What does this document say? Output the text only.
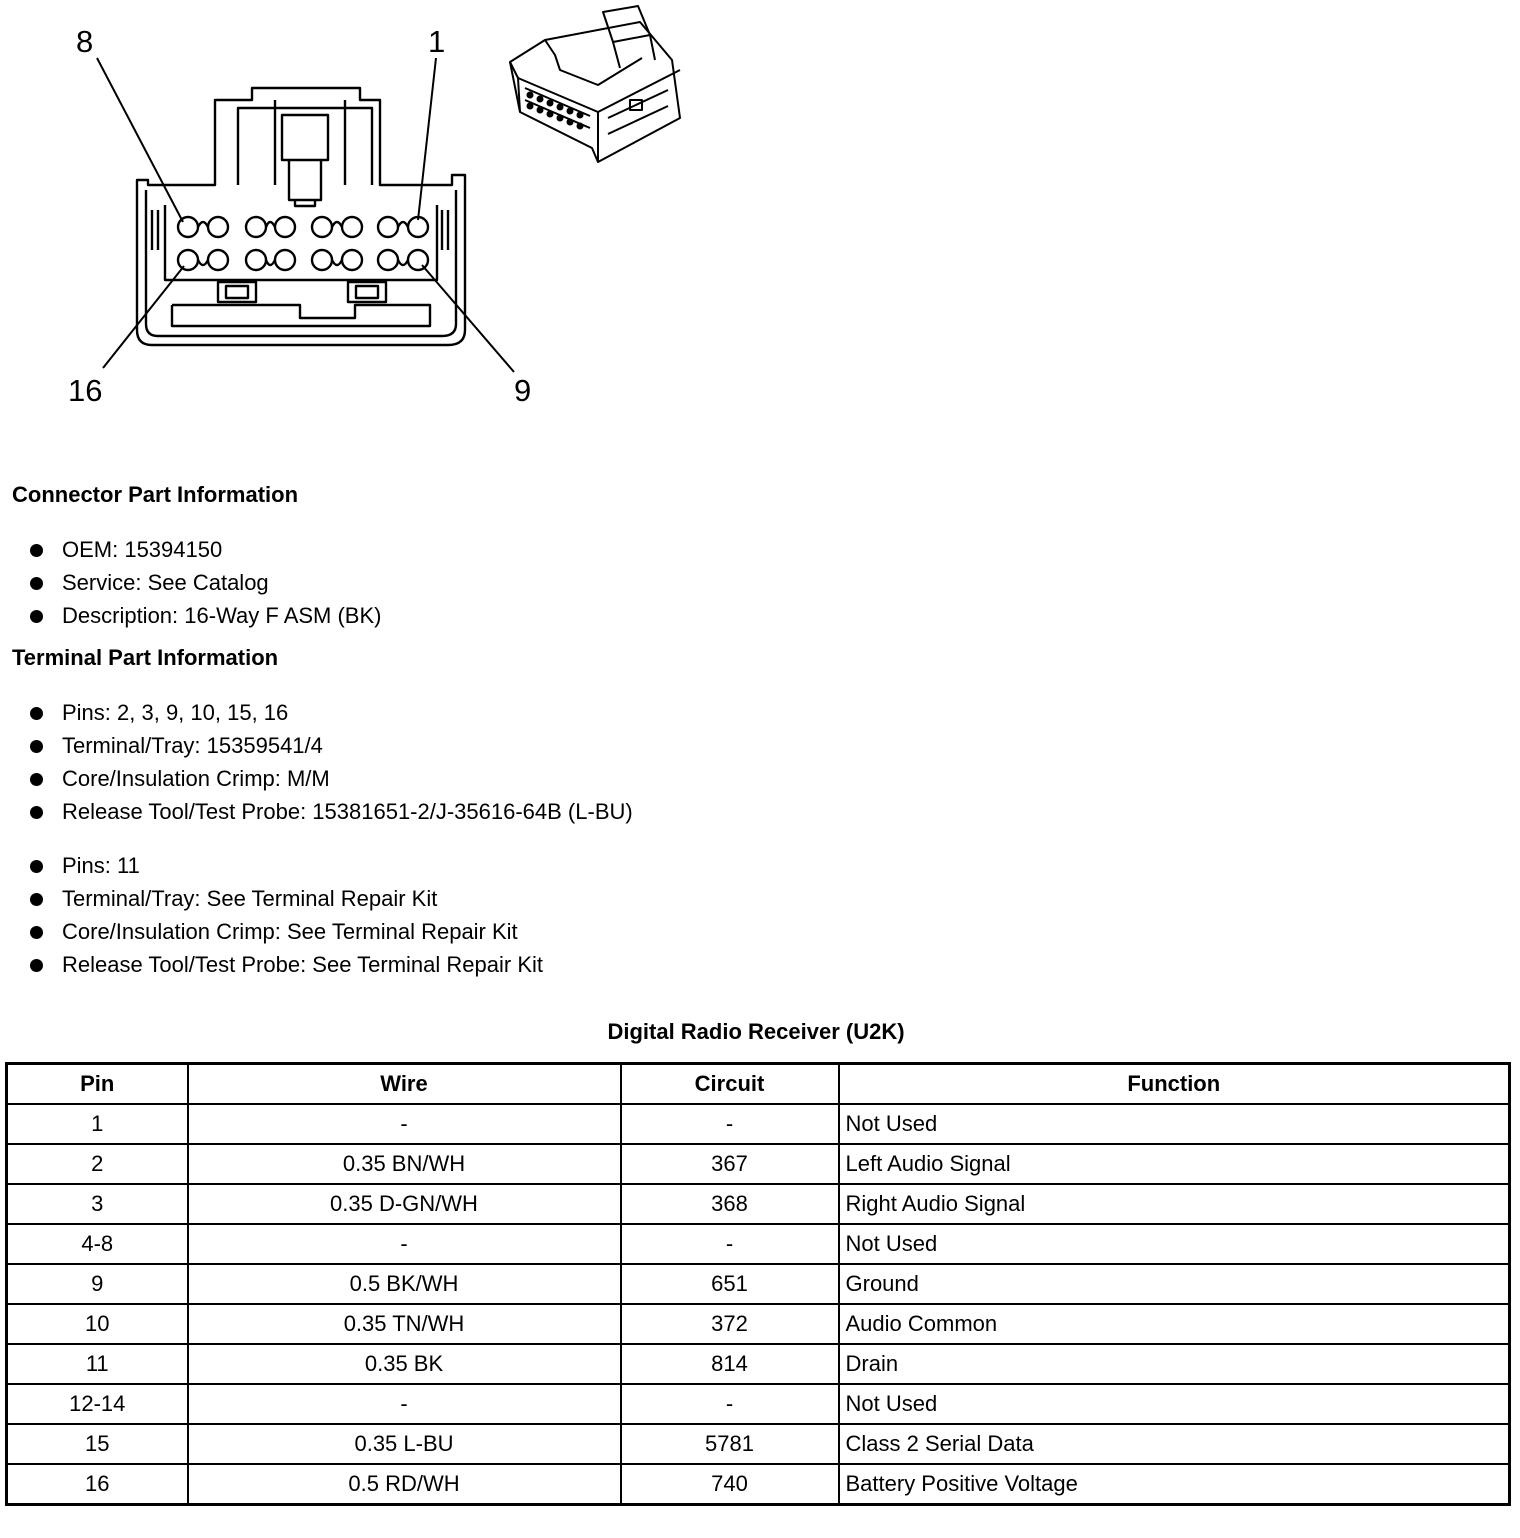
8	1
16	9
Connector Part Information
OEM: 15394150
Service: See Catalog
Description: 16-Way F ASM (BK)
Terminal Part Information
Pins: 2, 3, 9, 10, 15, 16
Terminal/Tray: 15359541/4
Core/Insulation Crimp: M/M
Release Tool/Test Probe: 15381651-2/J-35616-64B (L-BU)
Pins: 11
Terminal/Tray: See Terminal Repair Kit
Core/Insulation Crimp: See Terminal Repair Kit
Release Tool/Test Probe: See Terminal Repair Kit
Digital Radio Receiver (U2K)
Pin	Wire	Circuit	Function
1	-	-	Not Used
2	0.35 BN/WH	367	Left Audio Signal
3	0.35 D-GN/WH	368	Right Audio Signal
4-8	-	-	Not Used
9	0.5 BK/WH	651	Ground
10	0.35 TN/WH	372	Audio Common
11	0.35 BK	814	Drain
12-14	-	-	Not Used
15	0.35 L-BU	5781	Class 2 Serial Data
16	0.5 RD/WH	740	Battery Positive Voltage
